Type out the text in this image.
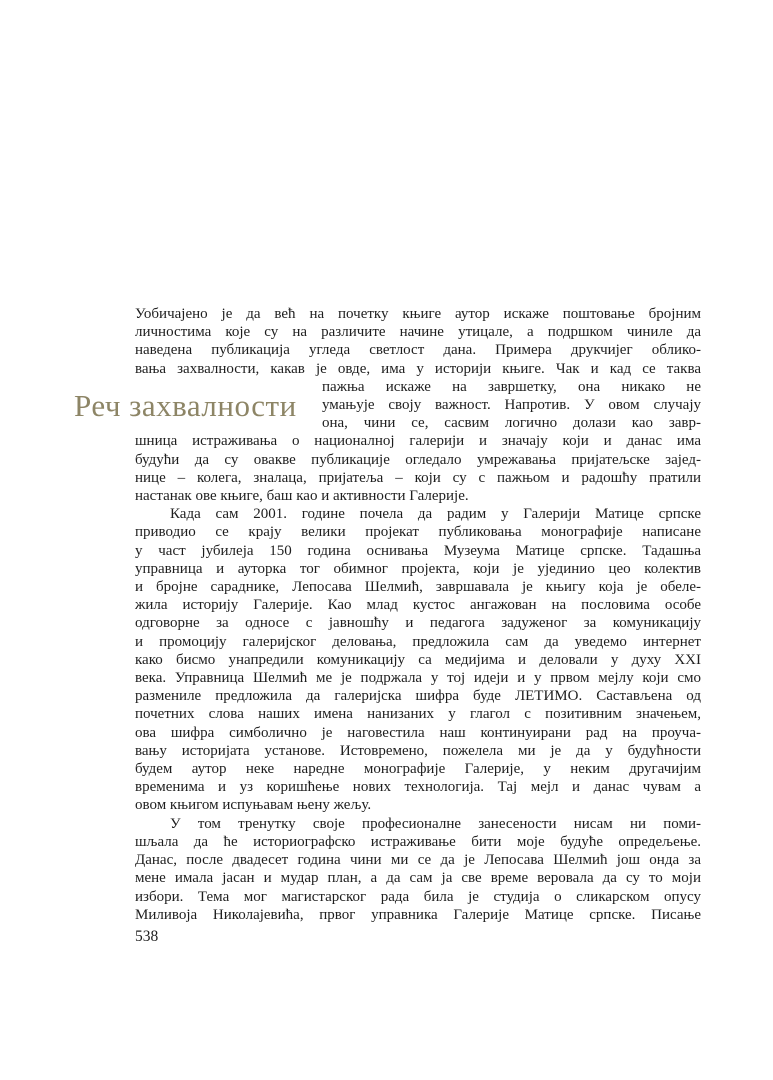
Реч захвалности
Уобичајено је да већ на почетку књиге аутор искаже поштовање бројним
личностима које су на различите начине утицале, а подршком чиниле да
наведена публикација угледа светлост дана. Примера друкчијег облико-
вања захвалности, какав је овде, има у историји књиге. Чак и кад се таква
пажња искаже на завршетку, она никако не
умањује своју важност. Напротив. У овом случају
она, чини се, сасвим логично долази као завр-
шница истраживања о националној галерији и значају који и данас има
будући да су овакве публикације огледало умрежавања пријатељске зајед-
нице – колега, зналаца, пријатеља – који су с пажњом и радошћу пратили
настанак ове књиге, баш као и активности Галерије.
Када сам 2001. године почела да радим у Галерији Матице српске
приводио се крају велики пројекат публиковања монографије написане
у част јубилеја 150 година оснивања Музеума Матице српске. Тадашња
управница и ауторка тог обимног пројекта, који је ујединио цео колектив
и бројне сараднике, Лепосава Шелмић, завршавала је књигу која је обеле-
жила историју Галерије. Као млад кустос ангажован на пословима особе
одговорне за односе с јавношћу и педагога задуженог за комуникацију
и промоцију галеријског деловања, предложила сам да уведемо интернет
како бисмо унапредили комуникацију са медијима и деловали у духу XXI
века. Управница Шелмић ме је подржала у тој идеји и у првом мејлу који смо
размениле предложила да галеријска шифра буде ЛЕТИМО. Састављена од
почетних слова наших имена нанизаних у глагол с позитивним значењем,
ова шифра симболично је наговестила наш континуирани рад на проуча-
вању историјата установе. Истовремено, пожелела ми је да у будућности
будем аутор неке наредне монографије Галерије, у неким другачијим
временима и уз коришћење нових технологија. Тај мејл и данас чувам а
овом књигом испуњавам њену жељу.
У том тренутку своје професионалне занесености нисам ни поми-
шљала да ће историографско истраживање бити моје будуће опредељење.
Данас, после двадесет година чини ми се да је Лепосава Шелмић још онда за
мене имала јасан и мудар план, а да сам ја све време веровала да су то моји
избори. Тема мог магистарског рада била је студија о сликарском опусу
Миливоја Николајевића, првог управника Галерије Матице српске. Писање
538
